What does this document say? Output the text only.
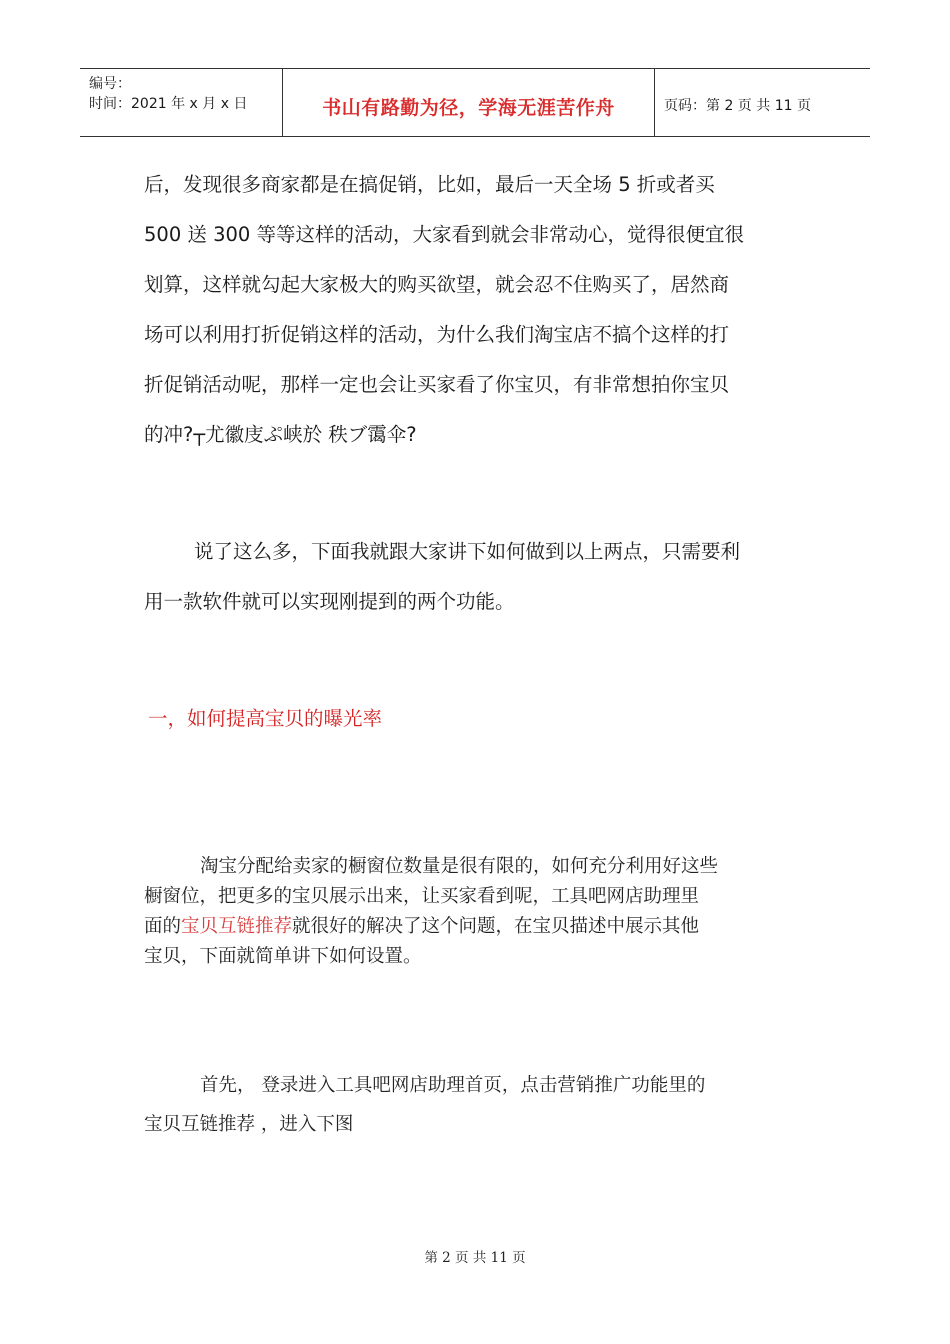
编号：
时间：2021 年 x 月 x 日	书山有路勤为径，学海无涯苦作舟	页码：第 2 页 共 11 页
后，发现很多商家都是在搞促销，比如，最后一天全场 5 折或者买
500 送 300 等等这样的活动，大家看到就会非常动心，觉得很便宜很
划算，这样就勾起大家极大的购买欲望，就会忍不住购买了，居然商
场可以利用打折促销这样的活动，为什么我们淘宝店不搞个这样的打
折促销活动呢，那样一定也会让买家看了你宝贝，有非常想拍你宝贝
的冲?┬尤徽庋ぷ峡於 秩ブ霭伞?
说了这么多，下面我就跟大家讲下如何做到以上两点，只需要利
用一款软件就可以实现刚提到的两个功能。
一，如何提高宝贝的曝光率
淘宝分配给卖家的橱窗位数量是很有限的，如何充分利用好这些
橱窗位，把更多的宝贝展示出来，让买家看到呢，工具吧网店助理里
面的宝贝互链推荐就很好的解决了这个问题，在宝贝描述中展示其他
宝贝，下面就简单讲下如何设置。
首先， 登录进入工具吧网店助理首页，点击营销推广功能里的
宝贝互链推荐 ，进入下图
第 2 页 共 11 页
